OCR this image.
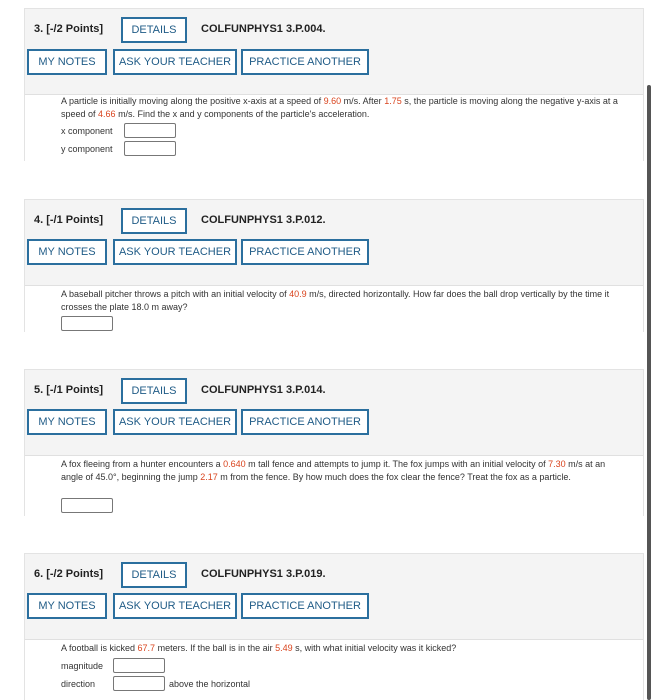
3. [-/2 Points]	DETAILS	COLFUNPHYS1 3.P.004.
MY NOTES	ASK YOUR TEACHER	PRACTICE ANOTHER
A particle is initially moving along the positive x-axis at a speed of 9.60 m/s. After 1.75 s, the particle is moving along the negative y-axis at a speed of 4.66 m/s. Find the x and y components of the particle's acceleration.
x component
y component
4. [-/1 Points]	DETAILS	COLFUNPHYS1 3.P.012.
MY NOTES	ASK YOUR TEACHER	PRACTICE ANOTHER
A baseball pitcher throws a pitch with an initial velocity of 40.9 m/s, directed horizontally. How far does the ball drop vertically by the time it crosses the plate 18.0 m away?
5. [-/1 Points]	DETAILS	COLFUNPHYS1 3.P.014.
MY NOTES	ASK YOUR TEACHER	PRACTICE ANOTHER
A fox fleeing from a hunter encounters a 0.640 m tall fence and attempts to jump it. The fox jumps with an initial velocity of 7.30 m/s at an angle of 45.0°, beginning the jump 2.17 m from the fence. By how much does the fox clear the fence? Treat the fox as a particle.
6. [-/2 Points]	DETAILS	COLFUNPHYS1 3.P.019.
MY NOTES	ASK YOUR TEACHER	PRACTICE ANOTHER
A football is kicked 67.7 meters. If the ball is in the air 5.49 s, with what initial velocity was it kicked?
magnitude
direction	above the horizontal
